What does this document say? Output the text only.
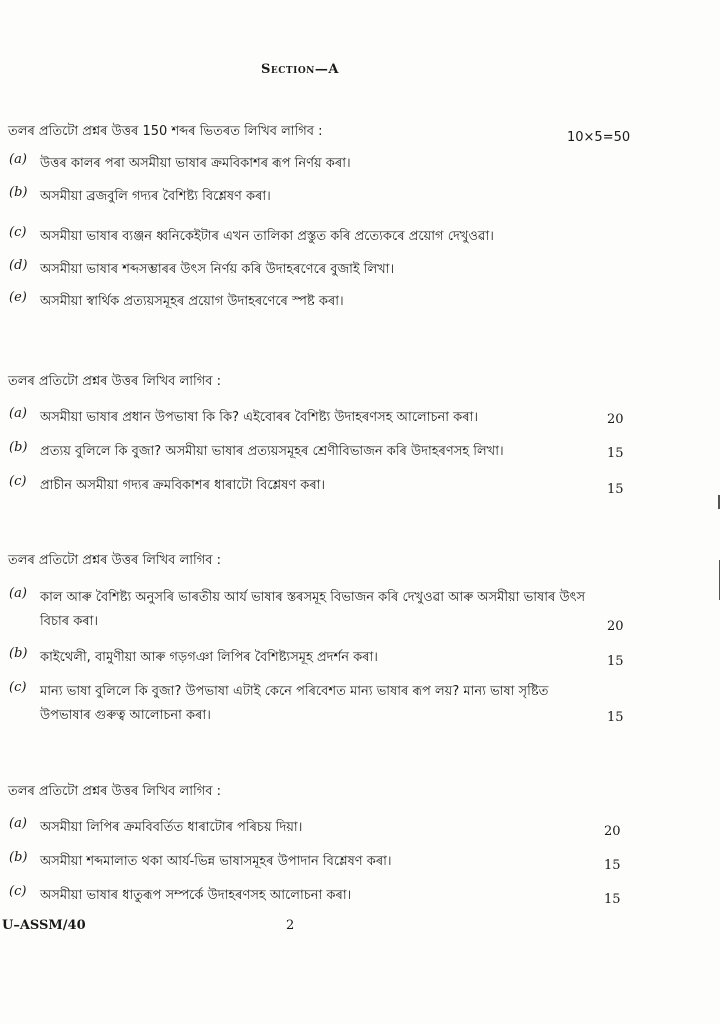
Section—A
তলৰ প্ৰতিটো প্ৰশ্নৰ উত্তৰ 150 শব্দৰ ভিতৰত লিখিব লাগিব :	10×5=50
(a) উত্তৰ কালৰ পৰা অসমীয়া ভাষাৰ ক্ৰমবিকাশৰ ৰূপ নিৰ্ণয় কৰা।
(b) অসমীয়া ব্ৰজবুলি গদ্যৰ বৈশিষ্ট্য বিশ্লেষণ কৰা।
(c) অসমীয়া ভাষাৰ ব্যঞ্জন ধ্বনিকেইটাৰ এখন তালিকা প্ৰস্তুত কৰি প্ৰত্যেকৰে প্ৰয়োগ দেখুওৱা।
(d) অসমীয়া ভাষাৰ শব্দসম্ভাৰৰ উৎস নিৰ্ণয় কৰি উদাহৰণেৰে বুজাই লিখা।
(e) অসমীয়া স্বাৰ্থিক প্ৰত্যয়সমূহৰ প্ৰয়োগ উদাহৰণেৰে স্পষ্ট কৰা।
তলৰ প্ৰতিটো প্ৰশ্নৰ উত্তৰ লিখিব লাগিব :
(a) অসমীয়া ভাষাৰ প্ৰধান উপভাষা কি কি? এইবোৰৰ বৈশিষ্ট্য উদাহৰণসহ আলোচনা কৰা।	20
(b) প্ৰত্যয় বুলিলে কি বুজা? অসমীয়া ভাষাৰ প্ৰত্যয়সমূহৰ শ্ৰেণীবিভাজন কৰি উদাহৰণসহ লিখা।	15
(c) প্ৰাচীন অসমীয়া গদ্যৰ ক্ৰমবিকাশৰ ধাৰাটো বিশ্লেষণ কৰা।	15
তলৰ প্ৰতিটো প্ৰশ্নৰ উত্তৰ লিখিব লাগিব :
(a) কাল আৰু বৈশিষ্ট্য অনুসৰি ভাৰতীয় আৰ্য ভাষাৰ স্তৰসমূহ বিভাজন কৰি দেখুওৱা আৰু অসমীয়া ভাষাৰ উৎস বিচাৰ কৰা।	20
(b) কাইথেলী, বামুণীয়া আৰু গড়গঞা লিপিৰ বৈশিষ্ট্যসমূহ প্ৰদৰ্শন কৰা।	15
(c) মান্য ভাষা বুলিলে কি বুজা? উপভাষা এটাই কেনে পৰিবেশত মান্য ভাষাৰ ৰূপ লয়? মান্য ভাষা সৃষ্টিত উপভাষাৰ গুৰুত্ব আলোচনা কৰা।	15
তলৰ প্ৰতিটো প্ৰশ্নৰ উত্তৰ লিখিব লাগিব :
(a) অসমীয়া লিপিৰ ক্ৰমবিবৰ্তিত ধাৰাটোৰ পৰিচয় দিয়া।	20
(b) অসমীয়া শব্দমালাত থকা আৰ্য-ভিন্ন ভাষাসমূহৰ উপাদান বিশ্লেষণ কৰা।	15
(c) অসমীয়া ভাষাৰ ধাতুৰূপ সম্পৰ্কে উদাহৰণসহ আলোচনা কৰা।	15
U–ASSM/40	2
